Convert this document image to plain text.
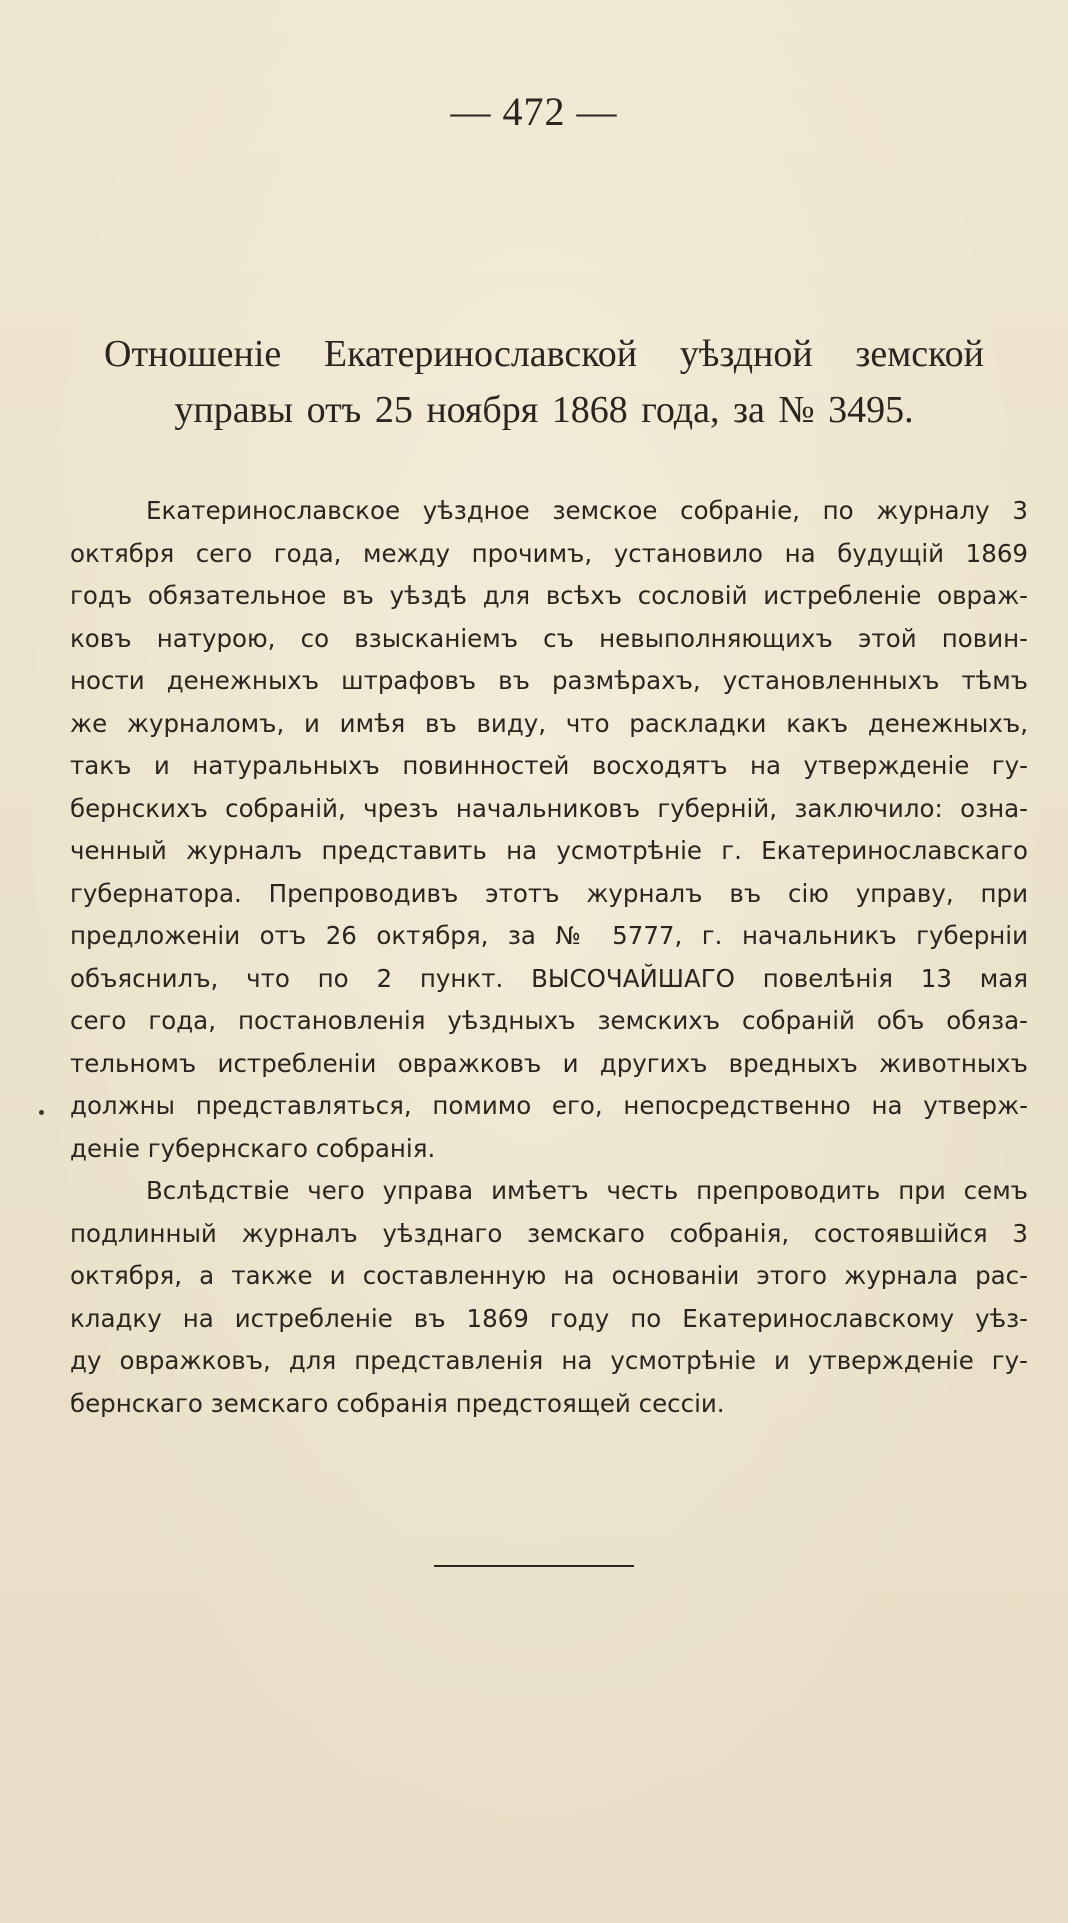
— 472 —
Отношенiе Екатеринославской уѣздной земской управы отъ 25 ноября 1868 года, за № 3495.
Екатеринославское уѣздное земское собранiе, по журналу 3
октября сего года, между прочимъ, установило на будущiй 1869
годъ обязательное въ уѣздѣ для всѣхъ сословiй истребленiе овраж-
ковъ натурою, со взысканiемъ съ невыполняющихъ этой повин-
ности денежныхъ штрафовъ въ размѣрахъ, установленныхъ тѣмъ
же журналомъ, и имѣя въ виду, что раскладки какъ денежныхъ,
такъ и натуральныхъ повинностей восходятъ на утвержденiе гу-
бернскихъ собранiй, чрезъ начальниковъ губернiй, заключило: озна-
ченный журналъ представить на усмотрѣнiе г. Екатеринославскаго
губернатора. Препроводивъ этотъ журналъ въ сiю управу, при
предложенiи отъ 26 октября, за № 5777, г. начальникъ губернiи
объяснилъ, что по 2 пункт. ВЫСОЧАЙШАГО повелѣнiя 13 мая
сего года, постановленiя уѣздныхъ земскихъ собранiй объ обяза-
тельномъ истребленiи овражковъ и другихъ вредныхъ животныхъ
должны представляться, помимо его, непосредственно на утверж-
денiе губернскаго собранiя.
Вслѣдствiе чего управа имѣетъ честь препроводить при семъ
подлинный журналъ уѣзднаго земскаго собранiя, состоявшiйся 3
октября, а также и составленную на основанiи этого журнала рас-
кладку на истребленiе въ 1869 году по Екатеринославскому уѣз-
ду овражковъ, для представленiя на усмотрѣнiе и утвержденiе гу-
бернскаго земскаго собранiя предстоящей сессiи.
